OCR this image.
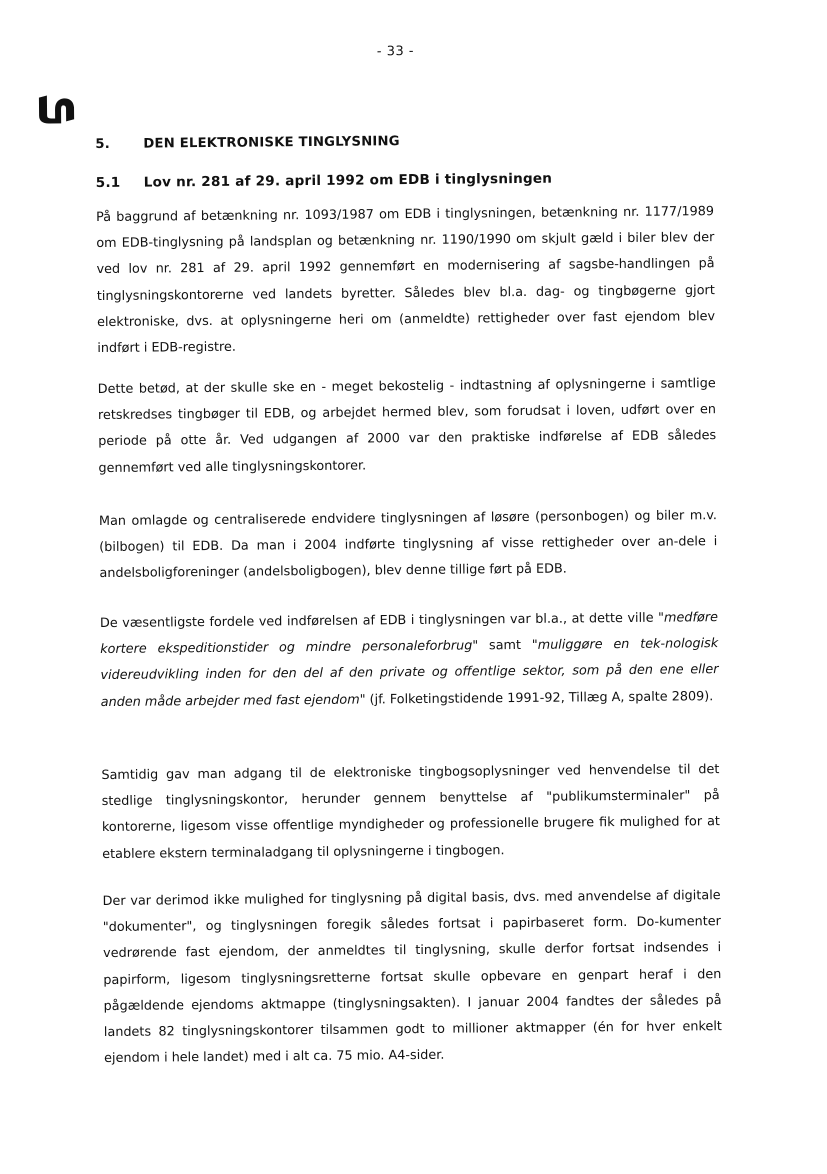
- 33 -
5.	DEN ELEKTRONISKE TINGLYSNING
5.1 Lov nr. 281 af 29. april 1992 om EDB i tinglysningen

På baggrund af betænkning nr. 1093/1987 om EDB i tinglysningen, betænkning nr. 1177/1989 om EDB-tinglysning på landsplan og betænkning nr. 1190/1990 om skjult gæld i biler blev der ved lov nr. 281 af 29. april 1992 gennemført en modernisering af sagsbe-handlingen på tinglysningskontorerne ved landets byretter. Således blev bl.a. dag- og tingbøgerne gjort elektroniske, dvs. at oplysningerne heri om (anmeldte) rettigheder over fast ejendom blev indført i EDB-registre.

Dette betød, at der skulle ske en - meget bekostelig - indtastning af oplysningerne i samtlige retskredses tingbøger til EDB, og arbejdet hermed blev, som forudsat i loven, udført over en periode på otte år. Ved udgangen af 2000 var den praktiske indførelse af EDB således gennemført ved alle tinglysningskontorer.

Man omlagde og centraliserede endvidere tinglysningen af løsøre (personbogen) og biler m.v. (bilbogen) til EDB. Da man i 2004 indførte tinglysning af visse rettigheder over an-dele i andelsboligforeninger (andelsboligbogen), blev denne tillige ført på EDB.

De væsentligste fordele ved indførelsen af EDB i tinglysningen var bl.a., at dette ville "medføre kortere ekspeditionstider og mindre personaleforbrug" samt "muliggøre en tek-nologisk videreudvikling inden for den del af den private og offentlige sektor, som på den ene eller anden måde arbejder med fast ejendom" (jf. Folketingstidende 1991-92, Tillæg A, spalte 2809).

Samtidig gav man adgang til de elektroniske tingbogsoplysninger ved henvendelse til det stedlige tinglysningskontor, herunder gennem benyttelse af "publikumsterminaler" på kontorerne, ligesom visse offentlige myndigheder og professionelle brugere fik mulighed for at etablere ekstern terminaladgang til oplysningerne i tingbogen.

Der var derimod ikke mulighed for tinglysning på digital basis, dvs. med anvendelse af digitale "dokumenter", og tinglysningen foregik således fortsat i papirbaseret form. Do-kumenter vedrørende fast ejendom, der anmeldtes til tinglysning, skulle derfor fortsat indsendes i papirform, ligesom tinglysningsretterne fortsat skulle opbevare en genpart heraf i den pågældende ejendoms aktmappe (tinglysningsakten). I januar 2004 fandtes der således på landets 82 tinglysningskontorer tilsammen godt to millioner aktmapper (én for hver enkelt ejendom i hele landet) med i alt ca. 75 mio. A4-sider.
